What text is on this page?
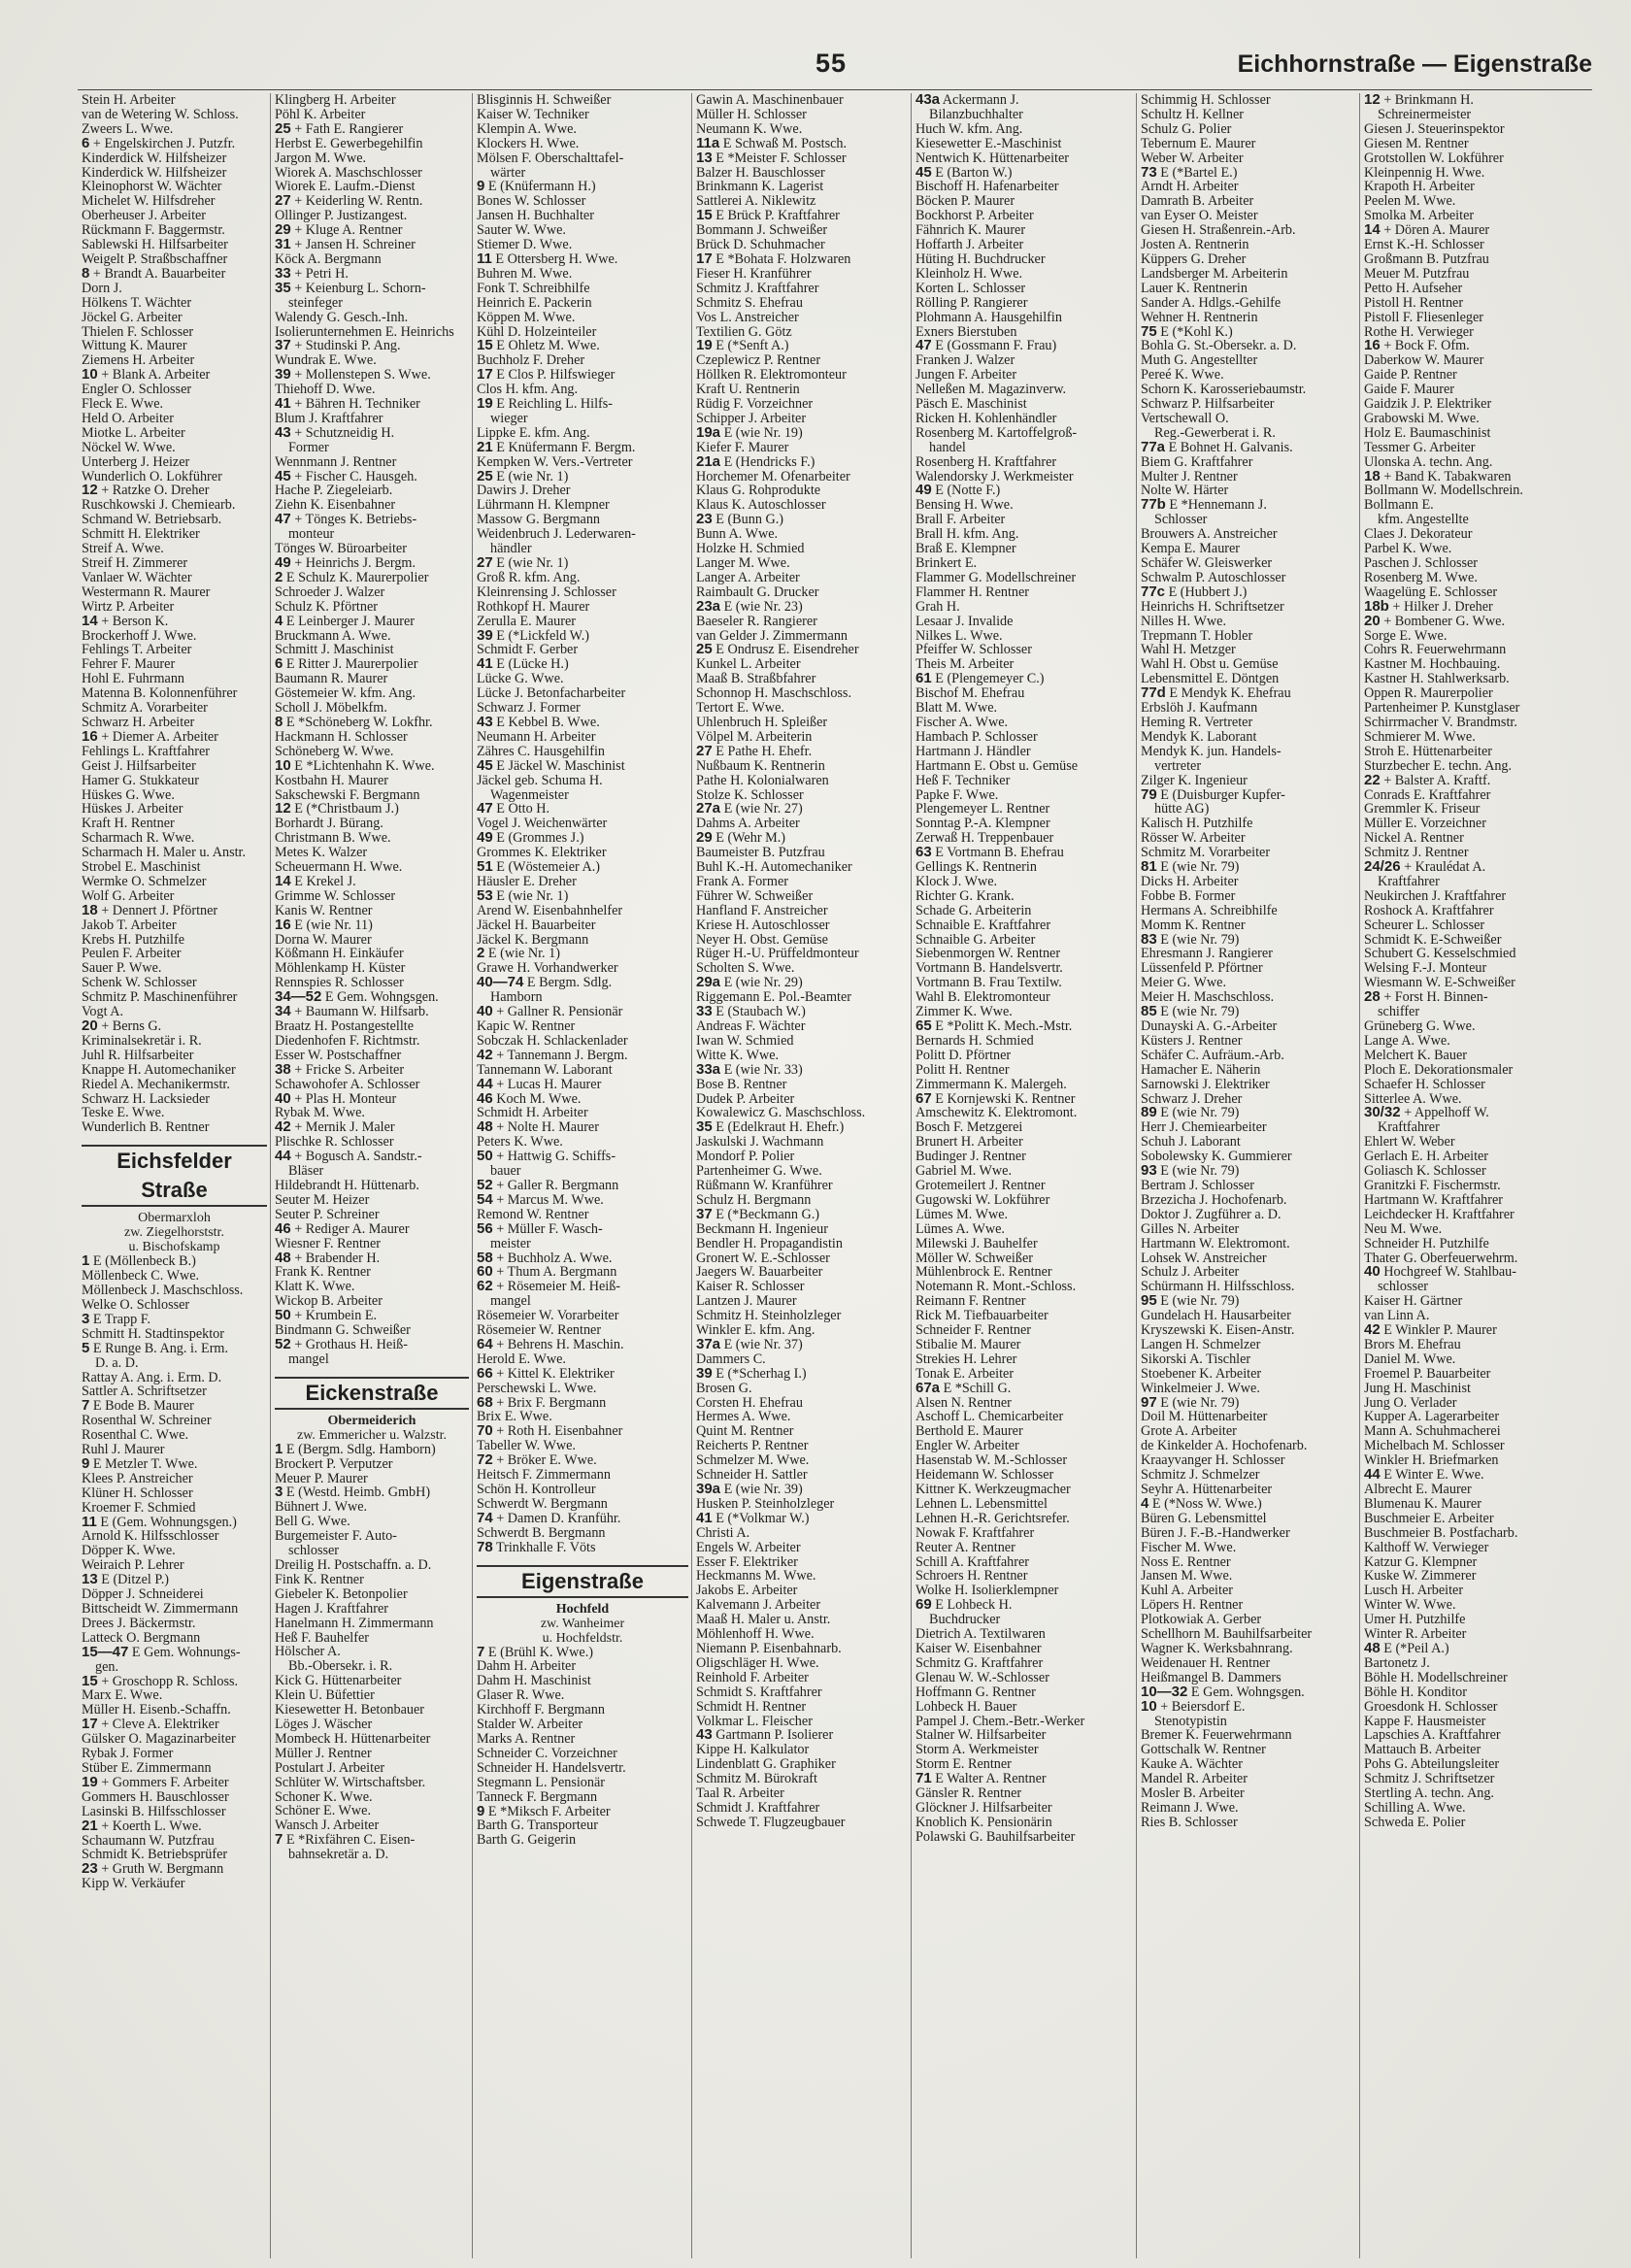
55	Eichhornstraße — Eigenstraße
Stein H. Arbeiter
van de Wetering W. Schloss.
Zweers L. Wwe.
6 + Engelskirchen J. Putzfr.
Kinderdick W. Hilfsheizer
Kinderdick W. Hilfsheizer
Kleinophorst W. Wächter
Michelet W. Hilfsdreher
Oberheuser J. Arbeiter
Rückmann F. Baggermstr.
Sablewski H. Hilfsarbeiter
Weigelt P. Straßbschaffner
8 + Brandt A. Bauarbeiter
Dorn J.
Hölkens T. Wächter
Jöckel G. Arbeiter
Thielen F. Schlosser
Wittung K. Maurer
Ziemens H. Arbeiter
10 + Blank A. Arbeiter
Engler O. Schlosser
Fleck E. Wwe.
Held O. Arbeiter
Miotke L. Arbeiter
Nöckel W. Wwe.
Unterberg J. Heizer
Wunderlich O. Lokführer
12 + Ratzke O. Dreher
Ruschkowski J. Chemiearb.
Schmand W. Betriebsarb.
Schmitt H. Elektriker
Streif A. Wwe.
Streif H. Zimmerer
Vanlaer W. Wächter
Westermann R. Maurer
Wirtz P. Arbeiter
14 + Berson K.
Brockerhoff J. Wwe.
Fehlings T. Arbeiter
Fehrer F. Maurer
Hohl E. Fuhrmann
Matenna B. Kolonnenführer
Schmitz A. Vorarbeiter
Schwarz H. Arbeiter
16 + Diemer A. Arbeiter
Fehlings L. Kraftfahrer
Geist J. Hilfsarbeiter
Hamer G. Stukkateur
Hüskes G. Wwe.
Hüskes J. Arbeiter
Kraft H. Rentner
Scharmach R. Wwe.
Scharmach H. Maler u. Anstr.
Strobel E. Maschinist
Wermke O. Schmelzer
Wolf G. Arbeiter
18 + Dennert J. Pförtner
Jakob T. Arbeiter
Krebs H. Putzhilfe
Peulen F. Arbeiter
Sauer P. Wwe.
Schenk W. Schlosser
Schmitz P. Maschinenführer
Vogt A.
20 + Berns G.
Kriminalsekretär i. R.
Juhl R. Hilfsarbeiter
Knappe H. Automechaniker
Riedel A. Mechanikermstr.
Schwarz H. Lacksieder
Teske E. Wwe.
Wunderlich B. Rentner
Eichsfelder Straße
Obermarxloh
zw. Ziegelhorststr.
u. Bischofskamp
1 E (Möllenbeck B.)
Möllenbeck C. Wwe.
Möllenbeck J. Maschschloss.
Welke O. Schlosser
3 E Trapp F.
Schmitt H. Stadtinspektor
5 E Runge B. Ang. i. Erm.
D. a. D.
Rattay A. Ang. i. Erm. D.
Sattler A. Schriftsetzer
7 E Bode B. Maurer
Rosenthal W. Schreiner
Rosenthal C. Wwe.
Ruhl J. Maurer
9 E Metzler T. Wwe.
Klees P. Anstreicher
Klüner H. Schlosser
Kroemer F. Schmied
11 E (Gem. Wohnungsgen.)
Arnold K. Hilfsschlosser
Döpper K. Wwe.
Weiraich P. Lehrer
13 E (Ditzel P.)
Döpper J. Schneiderei
Bittscheidt W. Zimmermann
Drees J. Bäckermstr.
Latteck O. Bergmann
15—47 E Gem. Wohnungs-
gen.
15 + Groschopp R. Schloss.
Marx E. Wwe.
Müller H. Eisenb.-Schaffn.
17 + Cleve A. Elektriker
Gülsker O. Magazinarbeiter
Rybak J. Former
Stüber E. Zimmermann
19 + Gommers F. Arbeiter
Gommers H. Bauschlosser
Lasinski B. Hilfsschlosser
21 + Koerth L. Wwe.
Schaumann W. Putzfrau
Schmidt K. Betriebsprüfer
23 + Gruth W. Bergmann
Kipp W. Verkäufer
Klingberg H. Arbeiter
Pöhl K. Arbeiter
25 + Fath E. Rangierer
Herbst E. Gewerbegehilfin
Jargon M. Wwe.
Wiorek A. Maschschlosser
Wiorek E. Laufm.-Dienst
27 + Keiderling W. Rentn.
Ollinger P. Justizangest.
29 + Kluge A. Rentner
31 + Jansen H. Schreiner
Köck A. Bergmann
33 + Petri H.
35 + Keienburg L. Schorn-
steinfeger
Walendy G. Gesch.-Inh.
Isolierunternehmen E. Heinrichs
37 + Studinski P. Ang.
Wundrak E. Wwe.
39 + Mollenstepen S. Wwe.
Thiehoff D. Wwe.
41 + Bähren H. Techniker
Blum J. Kraftfahrer
43 + Schutzneidig H.
Former
Wennmann J. Rentner
45 + Fischer C. Hausgeh.
Hache P. Ziegeleiarb.
Ziehn K. Eisenbahner
47 + Tönges K. Betriebs-
monteur
Tönges W. Büroarbeiter
49 + Heinrichs J. Bergm.
2 E Schulz K. Maurerpolier
Schroeder J. Walzer
Schulz K. Pförtner
4 E Leinberger J. Maurer
Bruckmann A. Wwe.
Schmitt J. Maschinist
6 E Ritter J. Maurerpolier
Baumann R. Maurer
Göstemeier W. kfm. Ang.
Scholl J. Möbelkfm.
8 E *Schöneberg W. Lokfhr.
Hackmann H. Schlosser
Schöneberg W. Wwe.
10 E *Lichtenhahn K. Wwe.
Kostbahn H. Maurer
Sakschewski F. Bergmann
12 E (*Christbaum J.)
Borhardt J. Bürang.
Christmann B. Wwe.
Metes K. Walzer
Scheuermann H. Wwe.
14 E Krekel J.
Grimme W. Schlosser
Kanis W. Rentner
16 E (wie Nr. 11)
Dorna W. Maurer
Kößmann H. Einkäufer
Möhlenkamp H. Küster
Rennspies R. Schlosser
34—52 E Gem. Wohngsgen.
34 + Baumann W. Hilfsarb.
Braatz H. Postangestellte
Diedenhofen F. Richtmstr.
Esser W. Postschaffner
38 + Fricke S. Arbeiter
Schawohofer A. Schlosser
40 + Plas H. Monteur
Rybak M. Wwe.
42 + Mernik J. Maler
Plischke R. Schlosser
44 + Bogusch A. Sandstr.-
Bläser
Hildebrandt H. Hüttenarb.
Seuter M. Heizer
Seuter P. Schreiner
46 + Rediger A. Maurer
Wiesner F. Rentner
48 + Brabender H.
Frank K. Rentner
Klatt K. Wwe.
Wickop B. Arbeiter
50 + Krumbein E.
Bindmann G. Schweißer
52 + Grothaus H. Heiß-
mangel
Eickenstraße
Obermeiderich
zw. Emmericher u. Walzstr.
1 E (Bergm. Sdlg. Hamborn)
Brockert P. Verputzer
Meuer P. Maurer
3 E (Westd. Heimb. GmbH)
Bühnert J. Wwe.
Bell G. Wwe.
Burgemeister F. Auto-
schlosser
Dreilig H. Postschaffn. a. D.
Fink K. Rentner
Giebeler K. Betonpolier
Hagen J. Kraftfahrer
Hanelmann H. Zimmermann
Heß F. Bauhelfer
Hölscher A.
Bb.-Obersekr. i. R.
Kick G. Hüttenarbeiter
Klein U. Büfettier
Kiesewetter H. Betonbauer
Löges J. Wäscher
Mombeck H. Hüttenarbeiter
Müller J. Rentner
Postulart J. Arbeiter
Schlüter W. Wirtschaftsber.
Schoner K. Wwe.
Schöner E. Wwe.
Wansch J. Arbeiter
7 E *Rixfähren C. Eisen-
bahnsekretär a. D.
Blisginnis H. Schweißer
Kaiser W. Techniker
Klempin A. Wwe.
Klockers H. Wwe.
Mölsen F. Oberschalttafel-
wärter
9 E (Knüfermann H.)
Bones W. Schlosser
Jansen H. Buchhalter
Sauter W. Wwe.
Stiemer D. Wwe.
11 E Ottersberg H. Wwe.
Buhren M. Wwe.
Fonk T. Schreibhilfe
Heinrich E. Packerin
Köppen M. Wwe.
Kühl D. Holzeinteiler
15 E Ohletz M. Wwe.
Buchholz F. Dreher
17 E Clos P. Hilfswieger
Clos H. kfm. Ang.
19 E Reichling L. Hilfs-
wieger
Lippke E. kfm. Ang.
21 E Knüfermann F. Bergm.
Kempken W. Vers.-Vertreter
25 E (wie Nr. 1)
Dawirs J. Dreher
Lührmann H. Klempner
Massow G. Bergmann
Weidenbruch J. Lederwaren-
händler
27 E (wie Nr. 1)
Groß R. kfm. Ang.
Kleinrensing J. Schlosser
Rothkopf H. Maurer
Zerulla E. Maurer
39 E (*Lickfeld W.)
Schmidt F. Gerber
41 E (Lücke H.)
Lücke G. Wwe.
Lücke J. Betonfacharbeiter
Schwarz J. Former
43 E Kebbel B. Wwe.
Neumann H. Arbeiter
Zähres C. Hausgehilfin
45 E Jäckel W. Maschinist
Jäckel geb. Schuma H.
Wagenmeister
47 E Otto H.
Vogel J. Weichenwärter
49 E (Grommes J.)
Grommes K. Elektriker
51 E (Wöstemeier A.)
Häusler E. Dreher
53 E (wie Nr. 1)
Arend W. Eisenbahnhelfer
Jäckel H. Bauarbeiter
Jäckel K. Bergmann
2 E (wie Nr. 1)
Grawe H. Vorhandwerker
40—74 E Bergm. Sdlg.
Hamborn
40 + Gallner R. Pensionär
Kapic W. Rentner
Sobczak H. Schlackenlader
42 + Tannemann J. Bergm.
Tannemann W. Laborant
44 + Lucas H. Maurer
46 Koch M. Wwe.
Schmidt H. Arbeiter
48 + Nolte H. Maurer
Peters K. Wwe.
50 + Hattwig G. Schiffs-
bauer
52 + Galler R. Bergmann
54 + Marcus M. Wwe.
Remond W. Rentner
56 + Müller F. Wasch-
meister
58 + Buchholz A. Wwe.
60 + Thum A. Bergmann
62 + Rösemeier M. Heiß-
mangel
Rösemeier W. Vorarbeiter
Rösemeier W. Rentner
64 + Behrens H. Maschin.
Herold E. Wwe.
66 + Kittel K. Elektriker
Perschewski L. Wwe.
68 + Brix F. Bergmann
Brix E. Wwe.
70 + Roth H. Eisenbahner
Tabeller W. Wwe.
72 + Bröker E. Wwe.
Heitsch F. Zimmermann
Schön H. Kontrolleur
Schwerdt W. Bergmann
74 + Damen D. Kranführ.
Schwerdt B. Bergmann
78 Trinkhalle F. Vöts
Eigenstraße
Hochfeld
zw. Wanheimer
u. Hochfeldstr.
7 E (Brühl K. Wwe.)
Dahm H. Arbeiter
Dahm H. Maschinist
Glaser R. Wwe.
Kirchhoff F. Bergmann
Stalder W. Arbeiter
Marks A. Rentner
Schneider C. Vorzeichner
Schneider H. Handelsvertr.
Stegmann L. Pensionär
Tanneck F. Bergmann
9 E *Miksch F. Arbeiter
Barth G. Transporteur
Barth G. Geigerin
Gawin A. Maschinenbauer
Müller H. Schlosser
Neumann K. Wwe.
11a E Schwaß M. Postsch.
13 E *Meister F. Schlosser
Balzer H. Bauschlosser
Brinkmann K. Lagerist
Sattlerei A. Niklewitz
15 E Brück P. Kraftfahrer
Bommann J. Schweißer
Brück D. Schuhmacher
17 E *Bohata F. Holzwaren
Fieser H. Kranführer
Schmitz J. Kraftfahrer
Schmitz S. Ehefrau
Vos L. Anstreicher
Textilien G. Götz
19 E (*Senft A.)
Czeplewicz P. Rentner
Höllken R. Elektromonteur
Kraft U. Rentnerin
Rüdig F. Vorzeichner
Schipper J. Arbeiter
19a E (wie Nr. 19)
Kiefer F. Maurer
21a E (Hendricks F.)
Horchemer M. Ofenarbeiter
Klaus G. Rohprodukte
Klaus K. Autoschlosser
23 E (Bunn G.)
Bunn A. Wwe.
Holzke H. Schmied
Langer M. Wwe.
Langer A. Arbeiter
Raimbault G. Drucker
23a E (wie Nr. 23)
Baeseler R. Rangierer
van Gelder J. Zimmermann
25 E Ondrusz E. Eisendreher
Kunkel L. Arbeiter
Maaß B. Straßbfahrer
Schonnop H. Maschschloss.
Tertort E. Wwe.
Uhlenbruch H. Spleißer
Völpel M. Arbeiterin
27 E Pathe H. Ehefr.
Nußbaum K. Rentnerin
Pathe H. Kolonialwaren
Stolze K. Schlosser
27a E (wie Nr. 27)
Dahms A. Arbeiter
29 E (Wehr M.)
Baumeister B. Putzfrau
Buhl K.-H. Automechaniker
Frank A. Former
Führer W. Schweißer
Hanfland F. Anstreicher
Kriese H. Autoschlosser
Neyer H. Obst. Gemüse
Rüger H.-U. Prüffeldmonteur
Scholten S. Wwe.
29a E (wie Nr. 29)
Riggemann E. Pol.-Beamter
33 E (Staubach W.)
Andreas F. Wächter
Iwan W. Schmied
Witte K. Wwe.
33a E (wie Nr. 33)
Bose B. Rentner
Dudek P. Arbeiter
Kowalewicz G. Maschschloss.
35 E (Edelkraut H. Ehefr.)
Jaskulski J. Wachmann
Mondorf P. Polier
Partenheimer G. Wwe.
Rüßmann W. Kranführer
Schulz H. Bergmann
37 E (*Beckmann G.)
Beckmann H. Ingenieur
Bendler H. Propagandistin
Gronert W. E.-Schlosser
Jaegers W. Bauarbeiter
Kaiser R. Schlosser
Lantzen J. Maurer
Schmitz H. Steinholzleger
Winkler E. kfm. Ang.
37a E (wie Nr. 37)
Dammers C.
39 E (*Scherhag I.)
Brosen G.
Corsten H. Ehefrau
Hermes A. Wwe.
Quint M. Rentner
Reicherts P. Rentner
Schmelzer M. Wwe.
Schneider H. Sattler
39a E (wie Nr. 39)
Husken P. Steinholzleger
41 E (*Volkmar W.)
Christi A.
Engels W. Arbeiter
Esser F. Elektriker
Heckmanns M. Wwe.
Jakobs E. Arbeiter
Kalvemann J. Arbeiter
Maaß H. Maler u. Anstr.
Möhlenhoff H. Wwe.
Niemann P. Eisenbahnarb.
Oligschläger H. Wwe.
Reinhold F. Arbeiter
Schmidt S. Kraftfahrer
Schmidt H. Rentner
Volkmar L. Fleischer
43 Gartmann P. Isolierer
Kippe H. Kalkulator
Lindenblatt G. Graphiker
Schmitz M. Bürokraft
Taal R. Arbeiter
Schmidt J. Kraftfahrer
Schwede T. Flugzeugbauer
43a Ackermann J.
Bilanzbuchhalter
Huch W. kfm. Ang.
Kiesewetter E.-Maschinist
Nentwich K. Hüttenarbeiter
45 E (Barton W.)
Bischoff H. Hafenarbeiter
Böcken P. Maurer
Bockhorst P. Arbeiter
Fähnrich K. Maurer
Hoffarth J. Arbeiter
Hüting H. Buchdrucker
Kleinholz H. Wwe.
Korten L. Schlosser
Rölling P. Rangierer
Plohmann A. Hausgehilfin
Exners Bierstuben
47 E (Gossmann F. Frau)
Franken J. Walzer
Jungen F. Arbeiter
Nelleßen M. Magazinverw.
Päsch E. Maschinist
Ricken H. Kohlenhändler
Rosenberg M. Kartoffelgroß-
handel
Rosenberg H. Kraftfahrer
Walendorsky J. Werkmeister
49 E (Notte F.)
Bensing H. Wwe.
Brall F. Arbeiter
Brall H. kfm. Ang.
Braß E. Klempner
Brinkert E.
Flammer G. Modellschreiner
Flammer H. Rentner
Grah H.
Lesaar J. Invalide
Nilkes L. Wwe.
Pfeiffer W. Schlosser
Theis M. Arbeiter
61 E (Plengemeyer C.)
Bischof M. Ehefrau
Blatt M. Wwe.
Fischer A. Wwe.
Hambach P. Schlosser
Hartmann J. Händler
Hartmann E. Obst u. Gemüse
Heß F. Techniker
Papke F. Wwe.
Plengemeyer L. Rentner
Sonntag P.-A. Klempner
Zerwaß H. Treppenbauer
63 E Vortmann B. Ehefrau
Gellings K. Rentnerin
Klock J. Wwe.
Richter G. Krank.
Schade G. Arbeiterin
Schnaible E. Kraftfahrer
Schnaible G. Arbeiter
Siebenmorgen W. Rentner
Vortmann B. Handelsvertr.
Vortmann B. Frau Textilw.
Wahl B. Elektromonteur
Zimmer K. Wwe.
65 E *Politt K. Mech.-Mstr.
Bernards H. Schmied
Politt D. Pförtner
Politt H. Rentner
Zimmermann K. Malergeh.
67 E Kornjewski K. Rentner
Amschewitz K. Elektromont.
Bosch F. Metzgerei
Brunert H. Arbeiter
Budinger J. Rentner
Gabriel M. Wwe.
Grotemeilert J. Rentner
Gugowski W. Lokführer
Lümes M. Wwe.
Lümes A. Wwe.
Milewski J. Bauhelfer
Möller W. Schweißer
Mühlenbrock E. Rentner
Notemann R. Mont.-Schloss.
Reimann F. Rentner
Rick M. Tiefbauarbeiter
Schneider F. Rentner
Stibalie M. Maurer
Strekies H. Lehrer
Tonak E. Arbeiter
67a E *Schill G.
Alsen N. Rentner
Aschoff L. Chemicarbeiter
Berthold E. Maurer
Engler W. Arbeiter
Hasenstab W. M.-Schlosser
Heidemann W. Schlosser
Kittner K. Werkzeugmacher
Lehnen L. Lebensmittel
Lehnen H.-R. Gerichtsrefer.
Nowak F. Kraftfahrer
Reuter A. Rentner
Schill A. Kraftfahrer
Schroers H. Rentner
Wolke H. Isolierklempner
69 E Lohbeck H.
Buchdrucker
Dietrich A. Textilwaren
Kaiser W. Eisenbahner
Schmitz G. Kraftfahrer
Glenau W. W.-Schlosser
Hoffmann G. Rentner
Lohbeck H. Bauer
Pampel J. Chem.-Betr.-Werker
Stalner W. Hilfsarbeiter
Storm A. Werkmeister
Storm E. Rentner
71 E Walter A. Rentner
Gänsler R. Rentner
Glöckner J. Hilfsarbeiter
Knoblich K. Pensionärin
Polawski G. Bauhilfsarbeiter
Schimmig H. Schlosser
Schultz H. Kellner
Schulz G. Polier
Tebernum E. Maurer
Weber W. Arbeiter
73 E (*Bartel E.)
Arndt H. Arbeiter
Damrath B. Arbeiter
van Eyser O. Meister
Giesen H. Straßenrein.-Arb.
Josten A. Rentnerin
Küppers G. Dreher
Landsberger M. Arbeiterin
Lauer K. Rentnerin
Sander A. Hdlgs.-Gehilfe
Wehner H. Rentnerin
75 E (*Kohl K.)
Bohla G. St.-Obersekr. a. D.
Muth G. Angestellter
Pereé K. Wwe.
Schorn K. Karosseriebaumstr.
Schwarz P. Hilfsarbeiter
Vertschewall O.
Reg.-Gewerberat i. R.
77a E Bohnet H. Galvanis.
Biem G. Kraftfahrer
Multer J. Rentner
Nolte W. Härter
77b E *Hennemann J.
Schlosser
Brouwers A. Anstreicher
Kempa E. Maurer
Schäfer W. Gleiswerker
Schwalm P. Autoschlosser
77c E (Hubbert J.)
Heinrichs H. Schriftsetzer
Nilles H. Wwe.
Trepmann T. Hobler
Wahl H. Metzger
Wahl H. Obst u. Gemüse
Lebensmittel E. Döntgen
77d E Mendyk K. Ehefrau
Erbslöh J. Kaufmann
Heming R. Vertreter
Mendyk K. Laborant
Mendyk K. jun. Handels-
vertreter
Zilger K. Ingenieur
79 E (Duisburger Kupfer-
hütte AG)
Kalisch H. Putzhilfe
Rösser W. Arbeiter
Schmitz M. Vorarbeiter
81 E (wie Nr. 79)
Dicks H. Arbeiter
Fobbe B. Former
Hermans A. Schreibhilfe
Momm K. Rentner
83 E (wie Nr. 79)
Ehresmann J. Rangierer
Lüssenfeld P. Pförtner
Meier G. Wwe.
Meier H. Maschschloss.
85 E (wie Nr. 79)
Dunayski A. G.-Arbeiter
Küsters J. Rentner
Schäfer C. Aufräum.-Arb.
Hamacher E. Näherin
Sarnowski J. Elektriker
Schwarz J. Dreher
89 E (wie Nr. 79)
Herr J. Chemiearbeiter
Schuh J. Laborant
Sobolewsky K. Gummierer
93 E (wie Nr. 79)
Bertram J. Schlosser
Brzezicha J. Hochofenarb.
Doktor J. Zugführer a. D.
Gilles N. Arbeiter
Hartmann W. Elektromont.
Lohsek W. Anstreicher
Schulz J. Arbeiter
Schürmann H. Hilfsschloss.
95 E (wie Nr. 79)
Gundelach H. Hausarbeiter
Kryszewski K. Eisen-Anstr.
Langen H. Schmelzer
Sikorski A. Tischler
Stoebener K. Arbeiter
Winkelmeier J. Wwe.
97 E (wie Nr. 79)
Doil M. Hüttenarbeiter
Grote A. Arbeiter
de Kinkelder A. Hochofenarb.
Kraayvanger H. Schlosser
Schmitz J. Schmelzer
Seyhr A. Hüttenarbeiter
4 E (*Noss W. Wwe.)
Büren G. Lebensmittel
Büren J. F.-B.-Handwerker
Fischer M. Wwe.
Noss E. Rentner
Jansen M. Wwe.
Kuhl A. Arbeiter
Löpers H. Rentner
Plotkowiak A. Gerber
Schellhorn M. Bauhilfsarbeiter
Wagner K. Werksbahnrang.
Weidenauer H. Rentner
Heißmangel B. Dammers
10—32 E Gem. Wohngsgen.
10 + Beiersdorf E.
Stenotypistin
Bremer K. Feuerwehrmann
Gottschalk W. Rentner
Kauke A. Wächter
Mandel R. Arbeiter
Mosler B. Arbeiter
Reimann J. Wwe.
Ries B. Schlosser
12 + Brinkmann H.
Schreinermeister
Giesen J. Steuerinspektor
Giesen M. Rentner
Grotstollen W. Lokführer
Kleinpennig H. Wwe.
Krapoth H. Arbeiter
Peelen M. Wwe.
Smolka M. Arbeiter
14 + Dören A. Maurer
Ernst K.-H. Schlosser
Großmann B. Putzfrau
Meuer M. Putzfrau
Petto H. Aufseher
Pistoll H. Rentner
Pistoll F. Fliesenleger
Rothe H. Verwieger
16 + Bock F. Ofm.
Daberkow W. Maurer
Gaide P. Rentner
Gaide F. Maurer
Gaidzik J. P. Elektriker
Grabowski M. Wwe.
Holz E. Baumaschinist
Tessmer G. Arbeiter
Ulonska A. techn. Ang.
18 + Band K. Tabakwaren
Bollmann W. Modellschrein.
Bollmann E.
kfm. Angestellte
Claes J. Dekorateur
Parbel K. Wwe.
Paschen J. Schlosser
Rosenberg M. Wwe.
Waagelüng E. Schlosser
18b + Hilker J. Dreher
20 + Bombener G. Wwe.
Sorge E. Wwe.
Cohrs R. Feuerwehrmann
Kastner M. Hochbauing.
Kastner H. Stahlwerksarb.
Oppen R. Maurerpolier
Partenheimer P. Kunstglaser
Schirrmacher V. Brandmstr.
Schmierer M. Wwe.
Stroh E. Hüttenarbeiter
Sturzbecher E. techn. Ang.
22 + Balster A. Kraftf.
Conrads E. Kraftfahrer
Gremmler K. Friseur
Müller E. Vorzeichner
Nickel A. Rentner
Schmitz J. Rentner
24/26 + Kraulédat A.
Kraftfahrer
Neukirchen J. Kraftfahrer
Roshock A. Kraftfahrer
Scheurer L. Schlosser
Schmidt K. E-Schweißer
Schubert G. Kesselschmied
Welsing F.-J. Monteur
Wiesmann W. E-Schweißer
28 + Forst H. Binnen-
schiffer
Grüneberg G. Wwe.
Lange A. Wwe.
Melchert K. Bauer
Ploch E. Dekorationsmaler
Schaefer H. Schlosser
Sitterlee A. Wwe.
30/32 + Appelhoff W.
Kraftfahrer
Ehlert W. Weber
Gerlach E. H. Arbeiter
Goliasch K. Schlosser
Granitzki F. Fischermstr.
Hartmann W. Kraftfahrer
Leichdecker H. Kraftfahrer
Neu M. Wwe.
Schneider H. Putzhilfe
Thater G. Oberfeuerwehrm.
40 Hochgreef W. Stahlbau-
schlosser
Kaiser H. Gärtner
van Linn A.
42 E Winkler P. Maurer
Brors M. Ehefrau
Daniel M. Wwe.
Froemel P. Bauarbeiter
Jung H. Maschinist
Jung O. Verlader
Kupper A. Lagerarbeiter
Mann A. Schuhmacherei
Michelbach M. Schlosser
Winkler H. Briefmarken
44 E Winter E. Wwe.
Albrecht E. Maurer
Blumenau K. Maurer
Buschmeier E. Arbeiter
Buschmeier B. Postfacharb.
Kalthoff W. Verwieger
Katzur G. Klempner
Kuske W. Zimmerer
Lusch H. Arbeiter
Winter W. Wwe.
Umer H. Putzhilfe
Winter R. Arbeiter
48 E (*Peil A.)
Bartonetz J.
Böhle H. Modellschreiner
Böhle H. Konditor
Groesdonk H. Schlosser
Kappe F. Hausmeister
Lapschies A. Kraftfahrer
Mattauch B. Arbeiter
Pohs G. Abteilungsleiter
Schmitz J. Schriftsetzer
Stertling A. techn. Ang.
Schilling A. Wwe.
Schweda E. Polier
